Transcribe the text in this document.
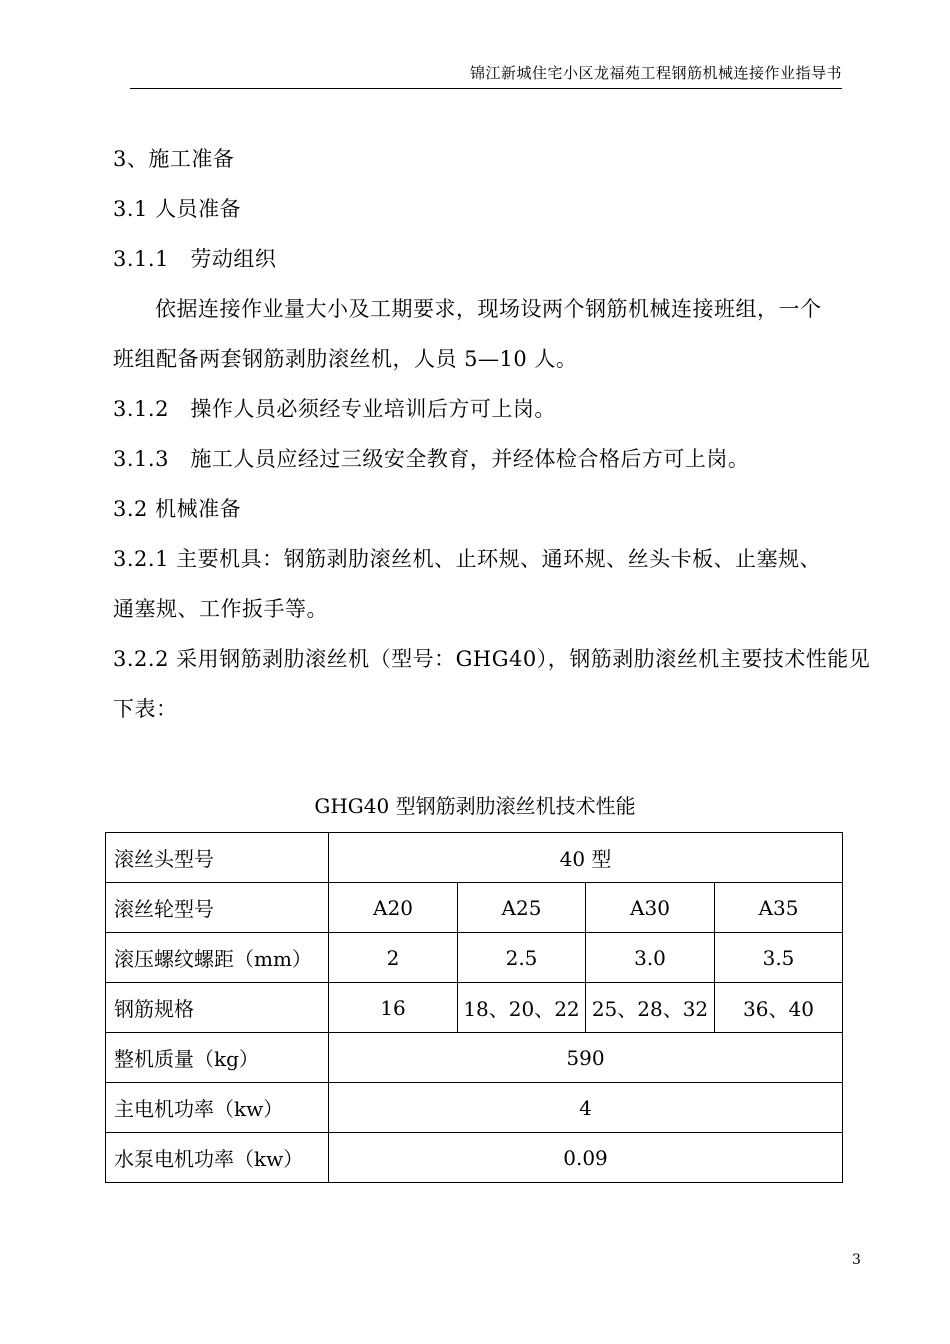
锦江新城住宅小区龙福苑工程钢筋机械连接作业指导书
3、施工准备
3.1 人员准备
3.1.1　劳动组织
依据连接作业量大小及工期要求，现场设两个钢筋机械连接班组，一个
班组配备两套钢筋剥肋滚丝机，人员 5—10 人。
3.1.2　操作人员必须经专业培训后方可上岗。
3.1.3　施工人员应经过三级安全教育，并经体检合格后方可上岗。
3.2 机械准备
3.2.1 主要机具：钢筋剥肋滚丝机、止环规、通环规、丝头卡板、止塞规、
通塞规、工作扳手等。
3.2.2 采用钢筋剥肋滚丝机（型号：GHG40），钢筋剥肋滚丝机主要技术性能见
下表：
GHG40 型钢筋剥肋滚丝机技术性能
滚丝头型号	40 型			
滚丝轮型号	A20	A25	A30	A35
滚压螺纹螺距（mm）	2	2.5	3.0	3.5
钢筋规格	16	18、20、22	25、28、32	36、40
整机质量（kg）	590			
主电机功率（kw）	4			
水泵电机功率（kw）	0.09			
3
